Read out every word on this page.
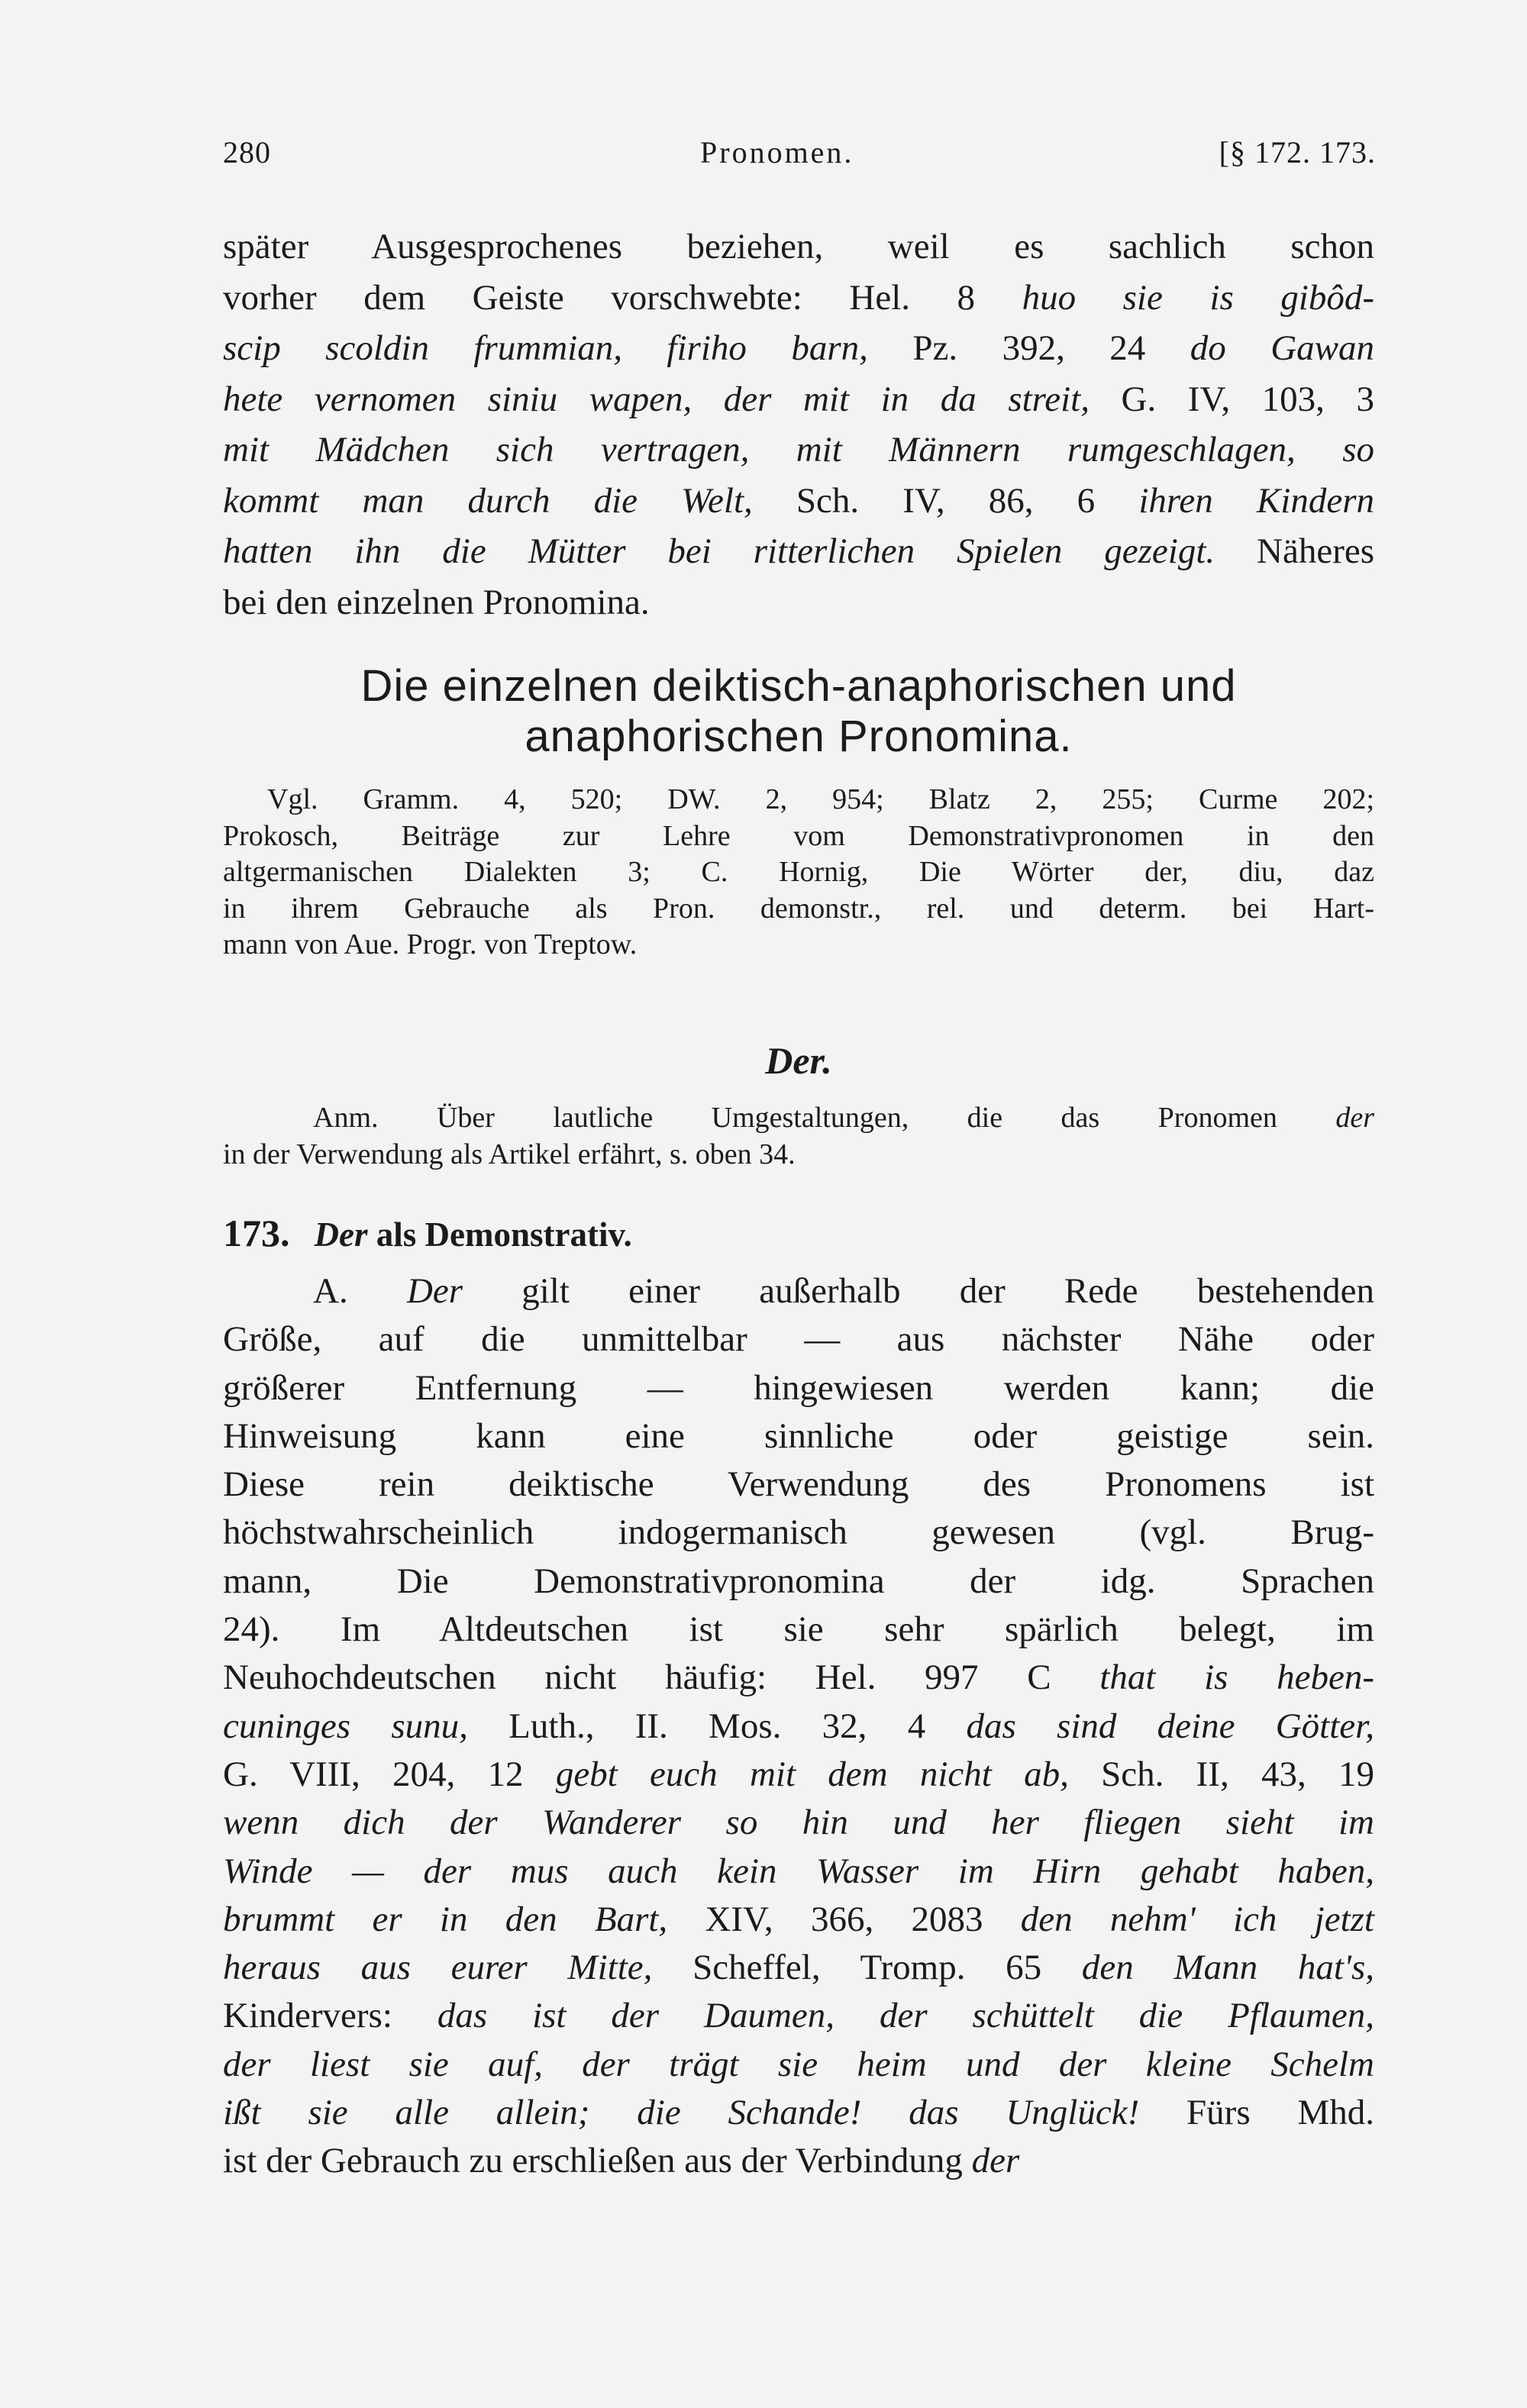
280	Pronomen.	[§ 172. 173.
später Ausgesprochenes beziehen, weil es sachlich schon
vorher dem Geiste vorschwebte: Hel. 8 huo sie is gibôd-
scip scoldin frummian, firiho barn, Pz. 392, 24 do Gawan
hete vernomen siniu wapen, der mit in da streit, G. IV, 103, 3
mit Mädchen sich vertragen, mit Männern rumgeschlagen, so
kommt man durch die Welt, Sch. IV, 86, 6 ihren Kindern
hatten ihn die Mütter bei ritterlichen Spielen gezeigt. Näheres
bei den einzelnen Pronomina.
Die einzelnen deiktisch-anaphorischen und
anaphorischen Pronomina.
Vgl. Gramm. 4, 520; DW. 2, 954; Blatz 2, 255; Curme 202;
Prokosch, Beiträge zur Lehre vom Demonstrativpronomen in den
altgermanischen Dialekten 3; C. Hornig, Die Wörter der, diu, daz
in ihrem Gebrauche als Pron. demonstr., rel. und determ. bei Hart-
mann von Aue. Progr. von Treptow.
Der.
Anm. Über lautliche Umgestaltungen, die das Pronomen der
in der Verwendung als Artikel erfährt, s. oben 34.
173. Der als Demonstrativ.
A. Der gilt einer außerhalb der Rede bestehenden
Größe, auf die unmittelbar — aus nächster Nähe oder
größerer Entfernung — hingewiesen werden kann; die
Hinweisung kann eine sinnliche oder geistige sein.
Diese rein deiktische Verwendung des Pronomens ist
höchstwahrscheinlich indogermanisch gewesen (vgl. Brug-
mann, Die Demonstrativpronomina der idg. Sprachen
24). Im Altdeutschen ist sie sehr spärlich belegt, im
Neuhochdeutschen nicht häufig: Hel. 997 C that is heben-
cuninges sunu, Luth., II. Mos. 32, 4 das sind deine Götter,
G. VIII, 204, 12 gebt euch mit dem nicht ab, Sch. II, 43, 19
wenn dich der Wanderer so hin und her fliegen sieht im
Winde — der mus auch kein Wasser im Hirn gehabt haben,
brummt er in den Bart, XIV, 366, 2083 den nehm' ich jetzt
heraus aus eurer Mitte, Scheffel, Tromp. 65 den Mann hat's,
Kindervers: das ist der Daumen, der schüttelt die Pflaumen,
der liest sie auf, der trägt sie heim und der kleine Schelm
ißt sie alle allein; die Schande! das Unglück! Fürs Mhd.
ist der Gebrauch zu erschließen aus der Verbindung der
